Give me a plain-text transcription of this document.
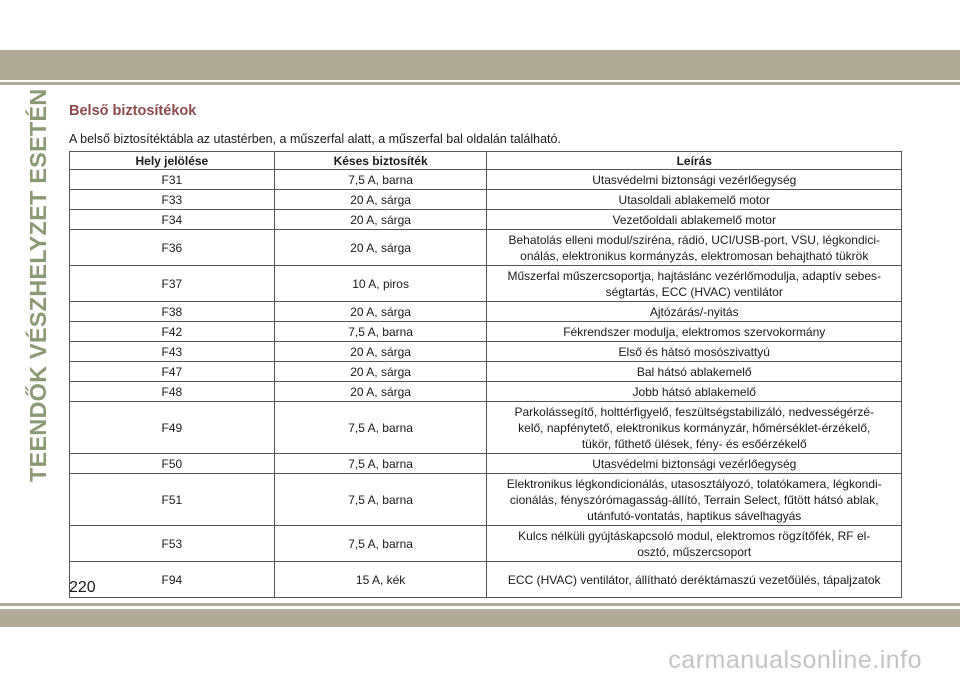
TEENDŐK VÉSZHELYZET ESETÉN Belső biztosítékok
A belső biztosítéktábla az utastérben, a műszerfal alatt, a műszerfal bal oldalán található.
Hely jelölése	Késes biztosíték	Leírás
F31	7,5 A, barna	Utasvédelmi biztonsági vezérlőegység
F33	20 A, sárga	Utasoldali ablakemelő motor
F34	20 A, sárga	Vezetőoldali ablakemelő motor
F36	20 A, sárga	Behatolás elleni modul/sziréna, rádió, UCI/USB-port, VSU, légkondici-
onálás, elektronikus kormányzás, elektromosan behajtható tükrök
F37	10 A, piros	Műszerfal műszercsoportja, hajtáslánc vezérlőmodulja, adaptív sebes-
ségtartás, ECC (HVAC) ventilátor
F38	20 A, sárga	Ajtózárás/-nyitás
F42	7,5 A, barna	Fékrendszer modulja, elektromos szervokormány
F43	20 A, sárga	Első és hátsó mosószivattyú
F47	20 A, sárga	Bal hátsó ablakemelő
F48	20 A, sárga	Jobb hátsó ablakemelő
F49	7,5 A, barna	Parkolássegítő, holttérfigyelő, feszültségstabilizáló, nedvességérzé-
kelő, napfénytető, elektronikus kormányzár, hőmérséklet-érzékelő,
tükör, fűthető ülések, fény- és esőérzékelő
F50	7,5 A, barna	Utasvédelmi biztonsági vezérlőegység
F51	7,5 A, barna	Elektronikus légkondicionálás, utasosztályozó, tolatókamera, légkondi-
cionálás, fényszórómagasság-állító, Terrain Select, fűtött hátsó ablak,
utánfutó-vontatás, haptikus sávelhagyás
F53	7,5 A, barna	Kulcs nélküli gyújtáskapcsoló modul, elektromos rögzítőfék, RF el-
osztó, műszercsoport
F94	15 A, kék	ECC (HVAC) ventilátor, állítható deréktámaszú vezetőülés, tápaljzatok
220
carmanualsonline.info
